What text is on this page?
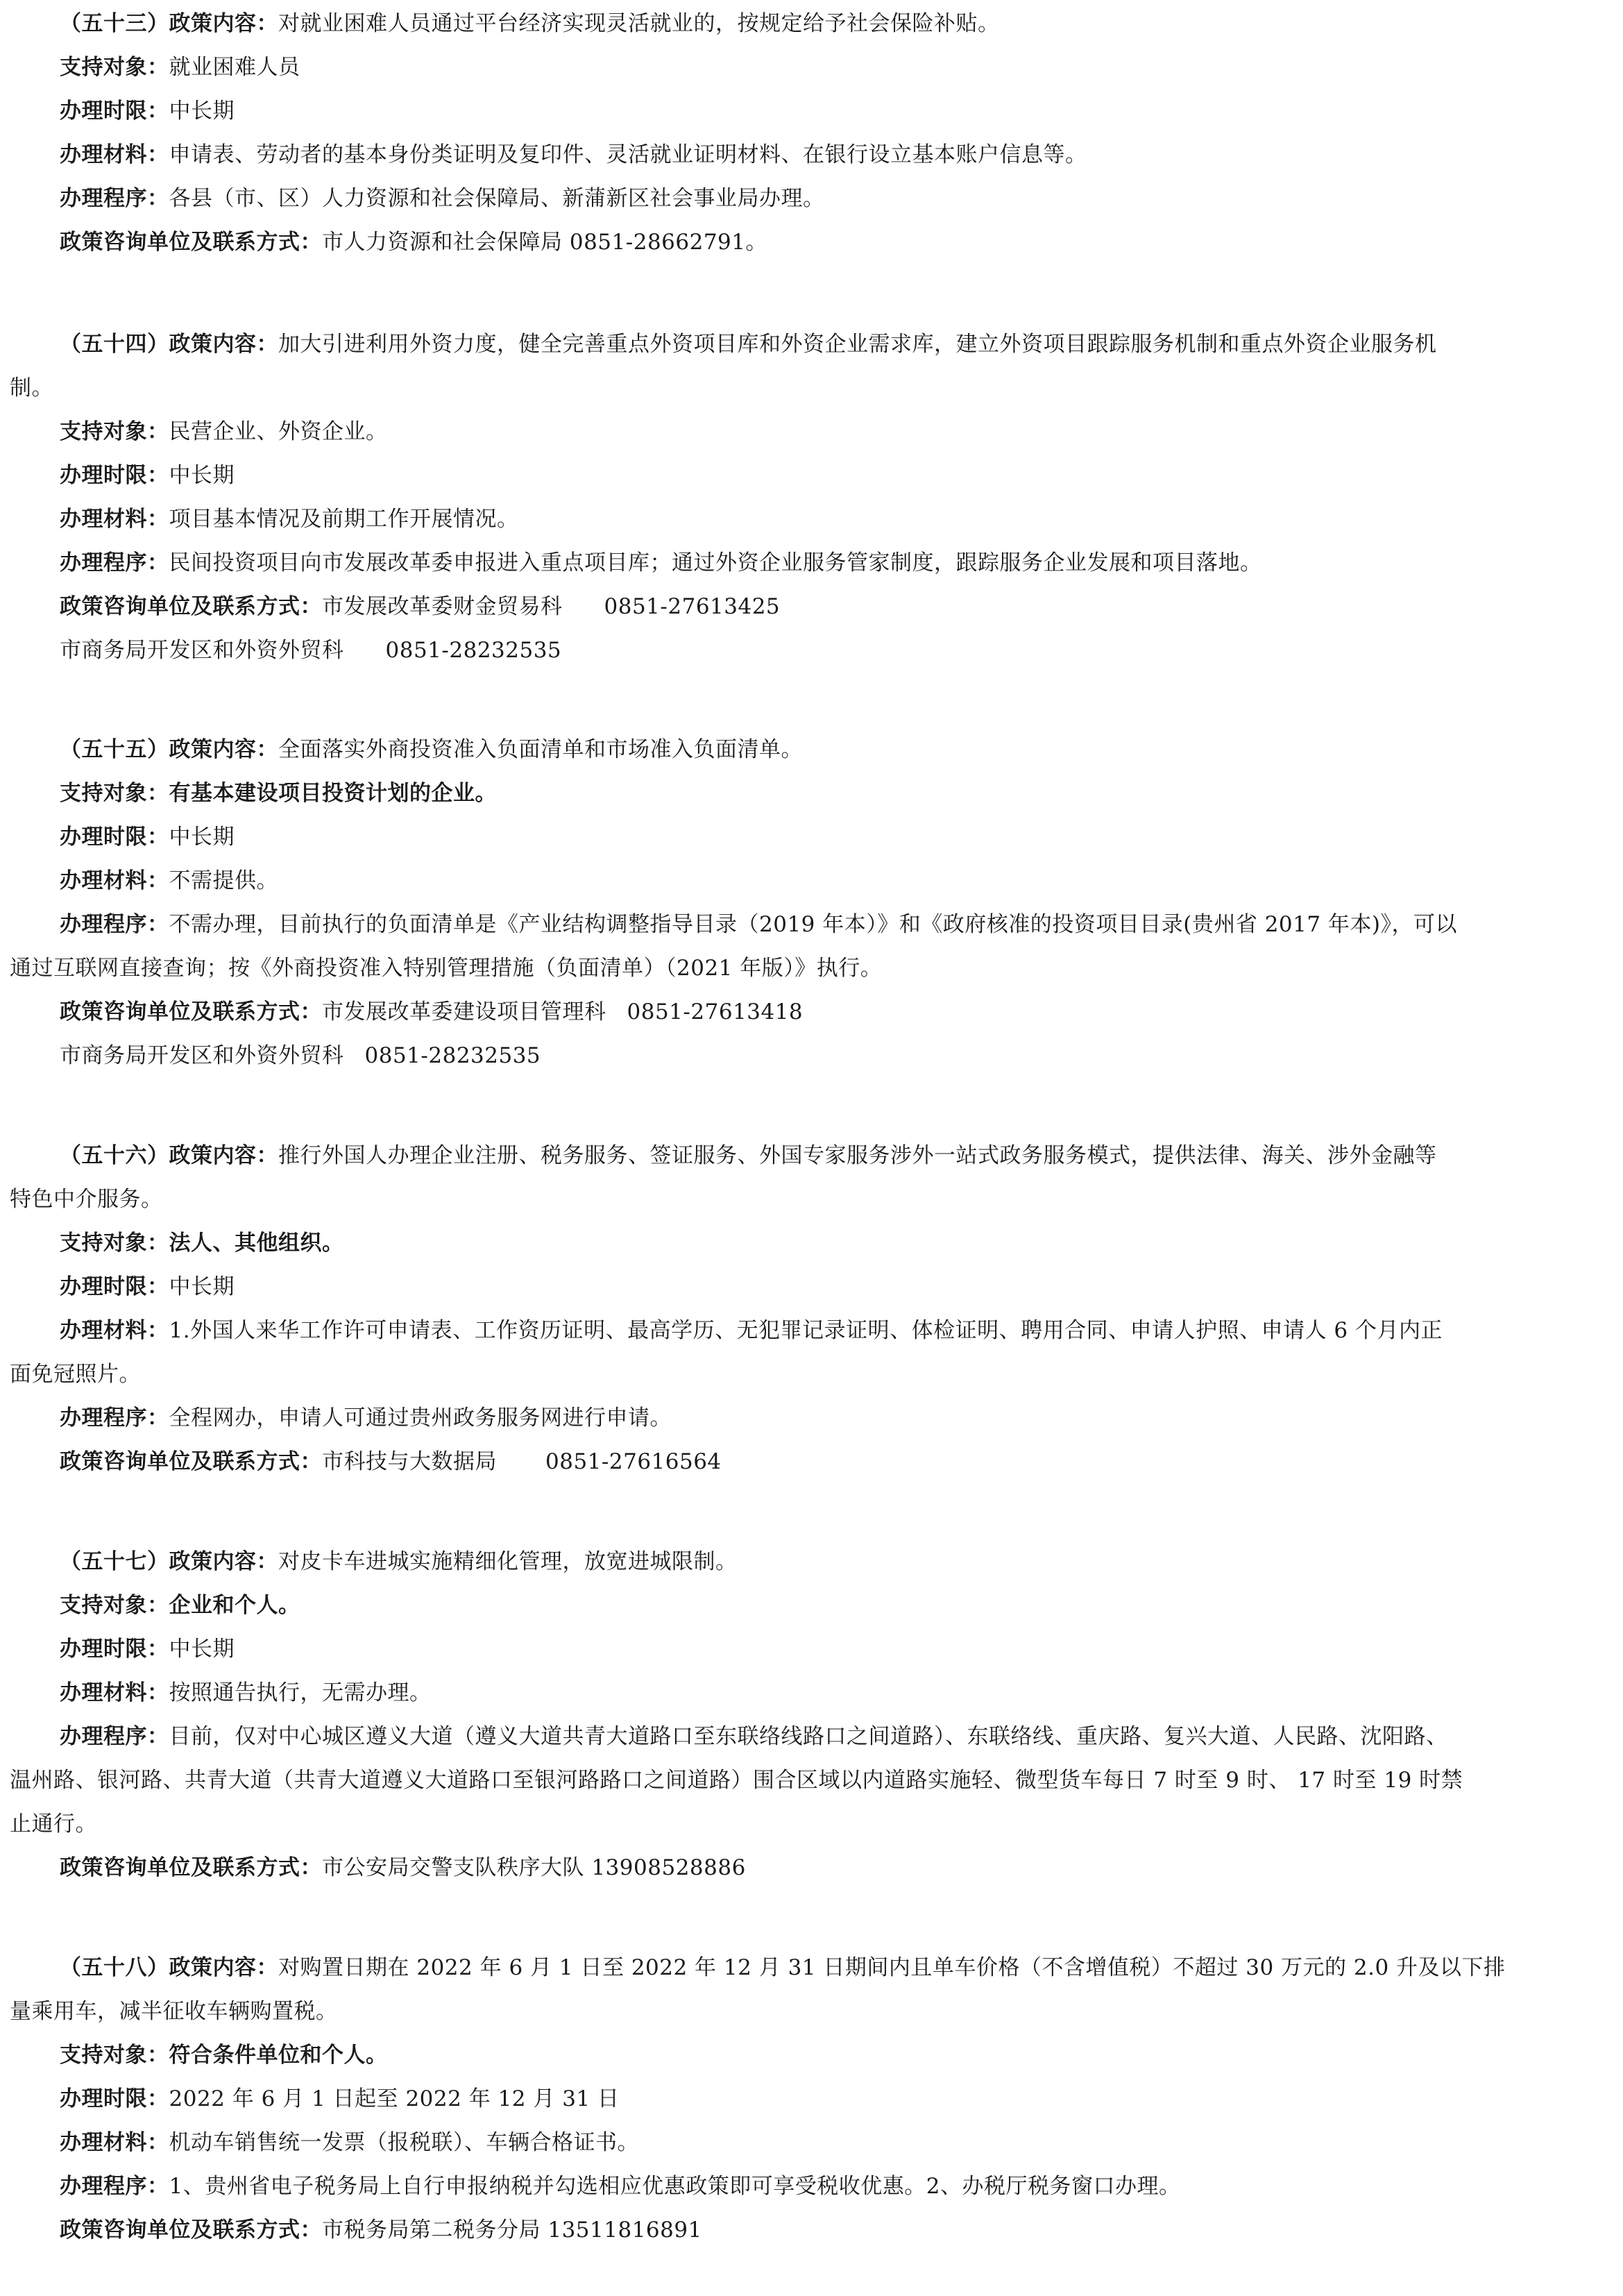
（五十三）政策内容：对就业困难人员通过平台经济实现灵活就业的，按规定给予社会保险补贴。
支持对象：就业困难人员
办理时限：中长期
办理材料：申请表、劳动者的基本身份类证明及复印件、灵活就业证明材料、在银行设立基本账户信息等。
办理程序：各县（市、区）人力资源和社会保障局、新蒲新区社会事业局办理。
政策咨询单位及联系方式：市人力资源和社会保障局 0851-28662791。
（五十四）政策内容：加大引进利用外资力度，健全完善重点外资项目库和外资企业需求库，建立外资项目跟踪服务机制和重点外资企业服务机
制。
支持对象：民营企业、外资企业。
办理时限：中长期
办理材料：项目基本情况及前期工作开展情况。
办理程序：民间投资项目向市发展改革委申报进入重点项目库；通过外资企业服务管家制度，跟踪服务企业发展和项目落地。
政策咨询单位及联系方式：市发展改革委财金贸易科 0851-27613425
市商务局开发区和外资外贸科 0851-28232535
（五十五）政策内容：全面落实外商投资准入负面清单和市场准入负面清单。
支持对象：有基本建设项目投资计划的企业。
办理时限：中长期
办理材料：不需提供。
办理程序：不需办理，目前执行的负面清单是《产业结构调整指导目录（2019 年本）》和《政府核准的投资项目目录(贵州省 2017 年本)》，可以
通过互联网直接查询；按《外商投资准入特别管理措施（负面清单）（2021 年版）》执行。
政策咨询单位及联系方式：市发展改革委建设项目管理科 0851-27613418
市商务局开发区和外资外贸科 0851-28232535
（五十六）政策内容：推行外国人办理企业注册、税务服务、签证服务、外国专家服务涉外一站式政务服务模式，提供法律、海关、涉外金融等
特色中介服务。
支持对象：法人、其他组织。
办理时限：中长期
办理材料：1.外国人来华工作许可申请表、工作资历证明、最高学历、无犯罪记录证明、体检证明、聘用合同、申请人护照、申请人 6 个月内正
面免冠照片。
办理程序：全程网办，申请人可通过贵州政务服务网进行申请。
政策咨询单位及联系方式：市科技与大数据局 0851-27616564
（五十七）政策内容：对皮卡车进城实施精细化管理，放宽进城限制。
支持对象：企业和个人。
办理时限：中长期
办理材料：按照通告执行，无需办理。
办理程序：目前，仅对中心城区遵义大道（遵义大道共青大道路口至东联络线路口之间道路）、东联络线、重庆路、复兴大道、人民路、沈阳路、
温州路、银河路、共青大道（共青大道遵义大道路口至银河路路口之间道路）围合区域以内道路实施轻、微型货车每日 7 时至 9 时、 17 时至 19 时禁
止通行。
政策咨询单位及联系方式：市公安局交警支队秩序大队 13908528886
（五十八）政策内容：对购置日期在 2022 年 6 月 1 日至 2022 年 12 月 31 日期间内且单车价格（不含增值税）不超过 30 万元的 2.0 升及以下排
量乘用车，减半征收车辆购置税。
支持对象：符合条件单位和个人。
办理时限：2022 年 6 月 1 日起至 2022 年 12 月 31 日
办理材料：机动车销售统一发票（报税联）、车辆合格证书。
办理程序：1、贵州省电子税务局上自行申报纳税并勾选相应优惠政策即可享受税收优惠。2、办税厅税务窗口办理。
政策咨询单位及联系方式：市税务局第二税务分局 13511816891
